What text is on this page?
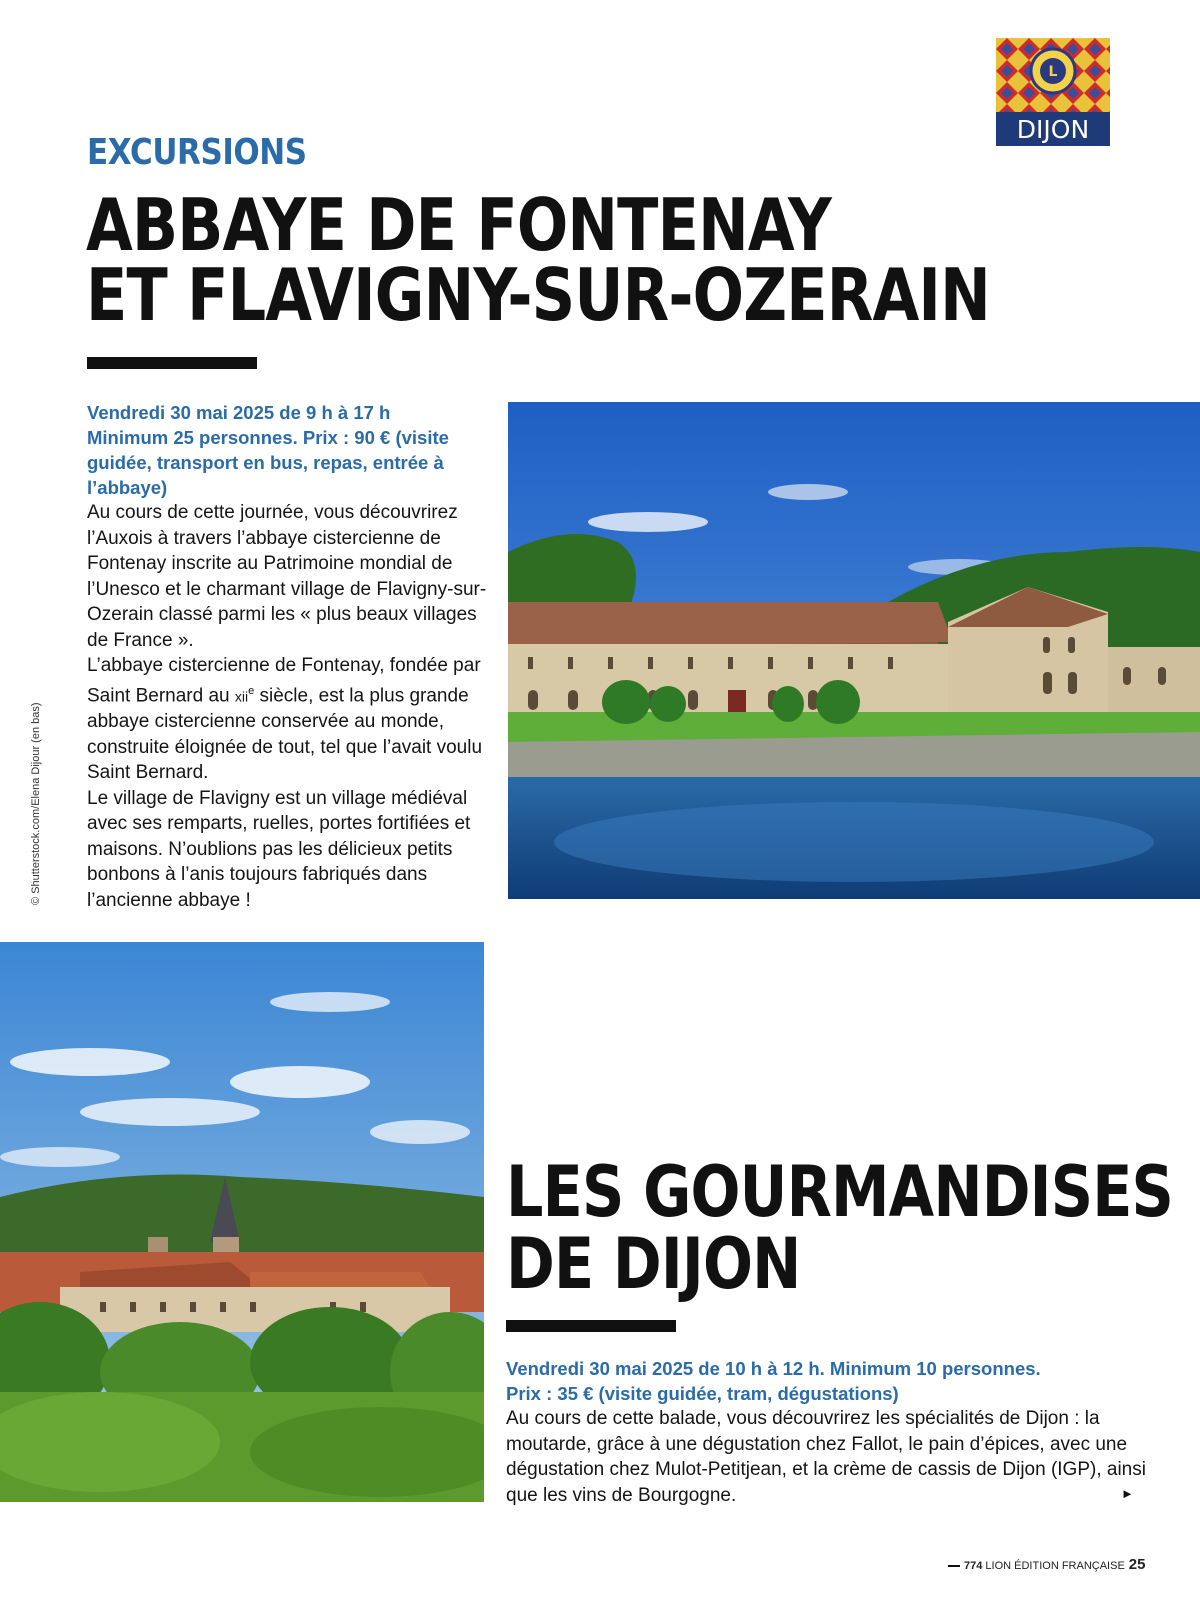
L
DIJON
EXCURSIONS
ABBAYE DE FONTENAY
ET FLAVIGNY-SUR-OZERAIN

Vendredi 30 mai 2025 de 9 h à 17 h

Minimum 25 personnes. Prix : 90 € (visite guidée, transport en bus, repas, entrée à l’abbaye)

Au cours de cette journée, vous découvrirez l’Auxois à travers l’abbaye cistercienne de Fontenay inscrite au Patrimoine mondial de l’Unesco et le charmant village de Flavigny-sur-Ozerain classé parmi les « plus beaux villages de France ».

L’abbaye cistercienne de Fontenay, fondée par Saint Bernard au xii$^e$ siècle, est la plus grande abbaye cistercienne conservée au monde, construite éloignée de tout, tel que l’avait voulu Saint Bernard.

Le village de Flavigny est un village médiéval avec ses remparts, ruelles, portes fortifiées et maisons. N’oublions pas les délicieux petits bonbons à l’anis toujours fabriqués dans l’ancienne abbaye !

© Shutterstock.com/Elena Dijour (en bas)
LES GOURMANDISES
DE DIJON

Vendredi 30 mai 2025 de 10 h à 12 h. Minimum 10 personnes.

Prix : 35 € (visite guidée, tram, dégustations)

Au cours de cette balade, vous découvrirez les spécialités de Dijon : la moutarde, grâce à une dégustation chez Fallot, le pain d’épices, avec une dégustation chez Mulot-Petitjean, et la crème de cassis de Dijon (IGP), ainsi que les vins de Bourgogne.	►
774 LION ÉDITION FRANÇAISE 25
